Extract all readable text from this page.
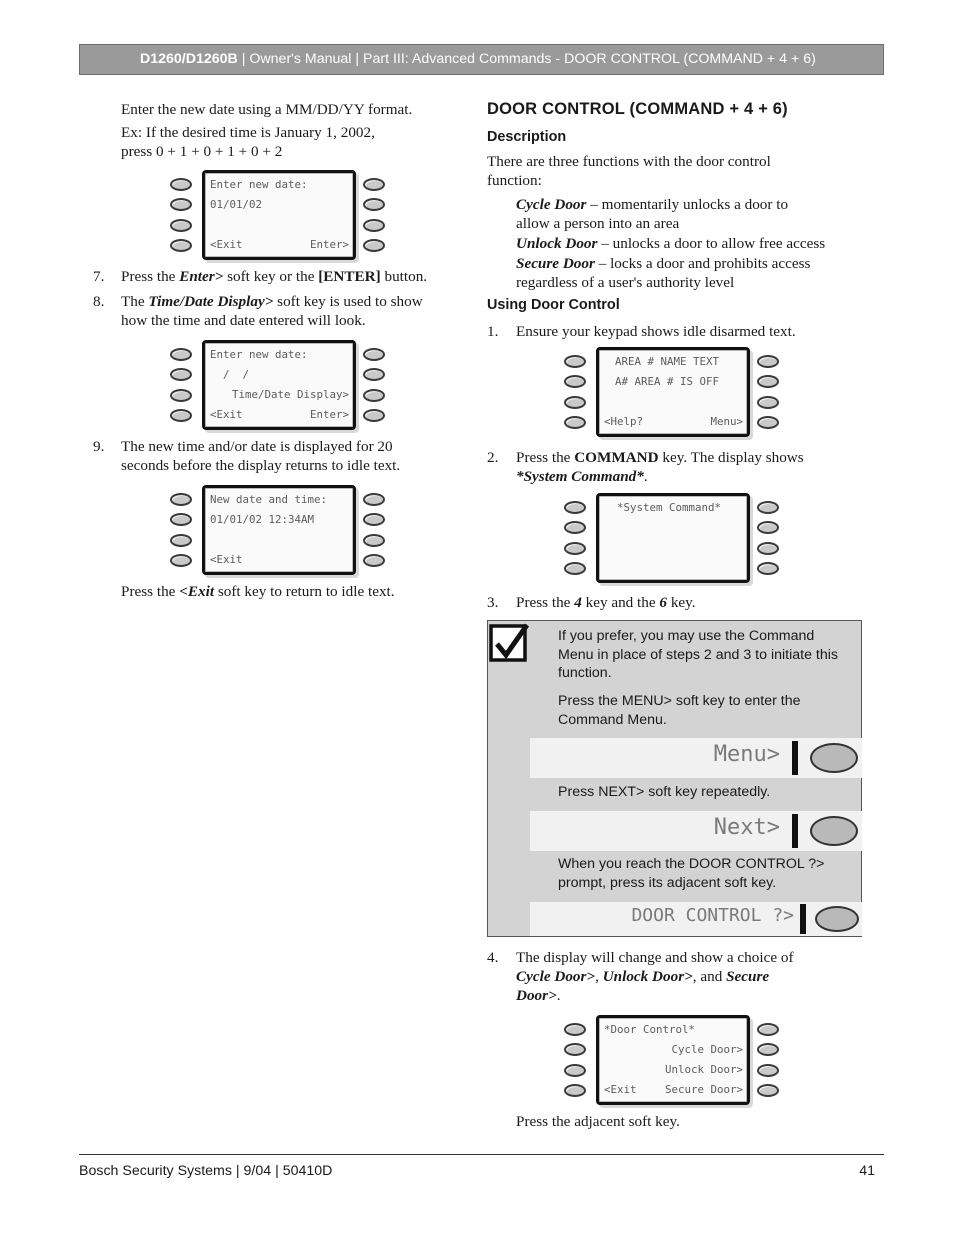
D1260/D1260B | Owner's Manual | Part III: Advanced Commands - DOOR CONTROL (COMMAND + 4 + 6)
Enter the new date using a MM/DD/YY format.
Ex: If the desired time is January 1, 2002,
press 0 + 1 + 0 + 1 + 0 + 2
Enter new date:
01/01/02
<Exit	Enter>
7. Press the Enter> soft key or the [ENTER] button.
8. The Time/Date Display> soft key is used to show
how the time and date entered will look.
Enter new date:
/  /
Time/Date Display>
<Exit	Enter>
9. The new time and/or date is displayed for 20
seconds before the display returns to idle text.
New date and time:
01/01/02 12:34AM
<Exit
Press the <Exit soft key to return to idle text.
DOOR CONTROL (COMMAND + 4 + 6)
Description
There are three functions with the door control
function:
Cycle Door – momentarily unlocks a door to
allow a person into an area
Unlock Door – unlocks a door to allow free access
Secure Door – locks a door and prohibits access
regardless of a user's authority level
Using Door Control
1. Ensure your keypad shows idle disarmed text.
AREA # NAME TEXT
A# AREA # IS OFF
<Help?	Menu>
2. Press the COMMAND key. The display shows
*System Command*.
*System Command*
3. Press the 4 key and the 6 key.

If you prefer, you may use the Command Menu in place of steps 2 and 3 to initiate this function.

Press the MENU> soft key to enter the Command Menu.

Menu>

Press NEXT> soft key repeatedly.

Next>

When you reach the DOOR CONTROL ?> prompt, press its adjacent soft key.

DOOR CONTROL ?>
4. The display will change and show a choice of
Cycle Door>, Unlock Door>, and Secure
Door>.
*Door Control*
Cycle Door>
Unlock Door>
<Exit	Secure Door>
Press the adjacent soft key.
Bosch Security Systems | 9/04 | 50410D	41
